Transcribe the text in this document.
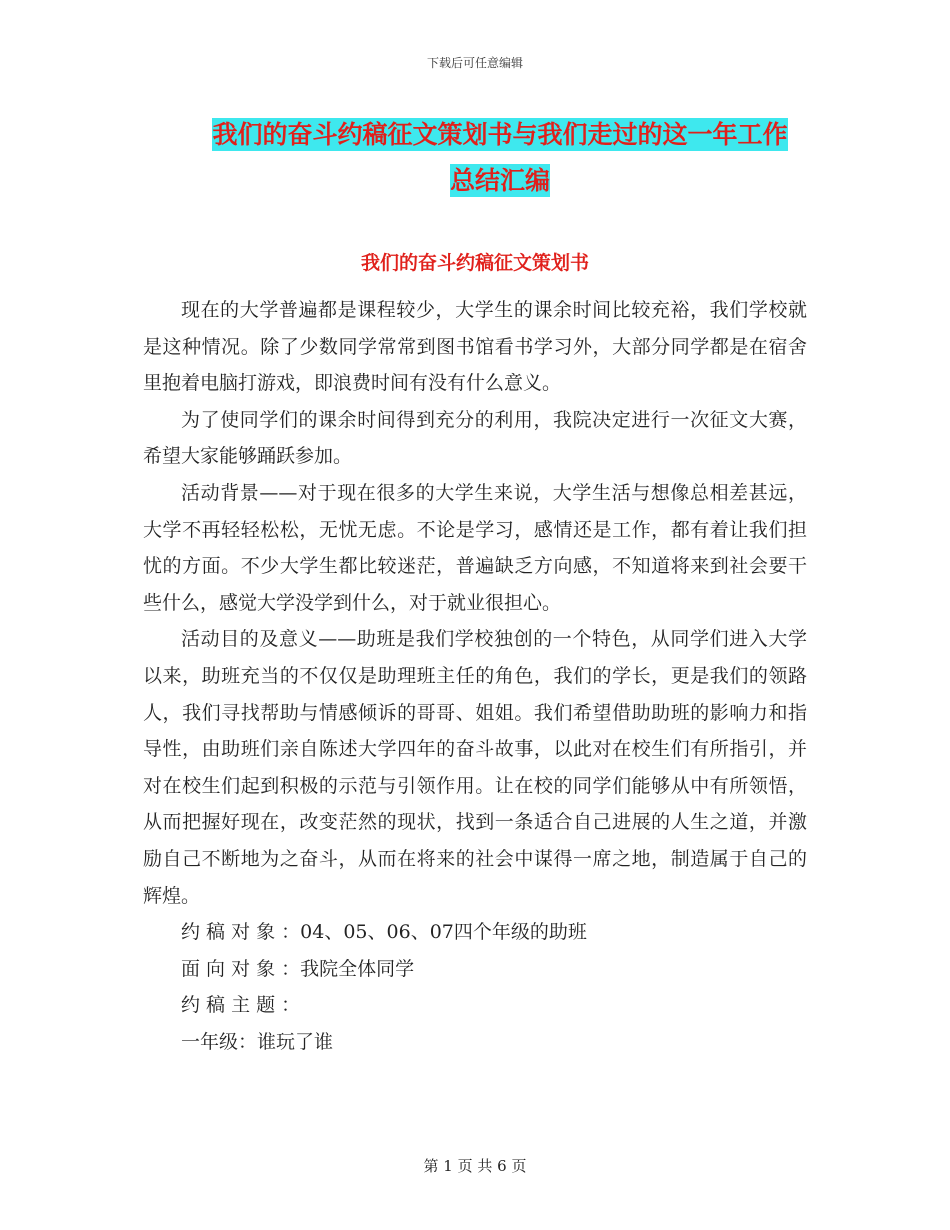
下载后可任意编辑
我们的奋斗约稿征文策划书与我们走过的这一年工作
总结汇编
我们的奋斗约稿征文策划书

现在的大学普遍都是课程较少，大学生的课余时间比较充裕，我们学校就是这种情况。除了少数同学常常到图书馆看书学习外，大部分同学都是在宿舍里抱着电脑打游戏，即浪费时间有没有什么意义。

为了使同学们的课余时间得到充分的利用，我院决定进行一次征文大赛，希望大家能够踊跃参加。

活动背景——对于现在很多的大学生来说，大学生活与想像总相差甚远，大学不再轻轻松松，无忧无虑。不论是学习，感情还是工作，都有着让我们担忧的方面。不少大学生都比较迷茫，普遍缺乏方向感，不知道将来到社会要干些什么，感觉大学没学到什么，对于就业很担心。

活动目的及意义——助班是我们学校独创的一个特色，从同学们进入大学以来，助班充当的不仅仅是助理班主任的角色，我们的学长，更是我们的领路人，我们寻找帮助与情感倾诉的哥哥、姐姐。我们希望借助助班的影响力和指导性，由助班们亲自陈述大学四年的奋斗故事，以此对在校生们有所指引，并对在校生们起到积极的示范与引领作用。让在校的同学们能够从中有所领悟，从而把握好现在，改变茫然的现状，找到一条适合自己进展的人生之道，并激励自己不断地为之奋斗，从而在将来的社会中谋得一席之地，制造属于自己的辉煌。

约 稿 对 象 ：04、05、06、07四个年级的助班

面 向 对 象 ：我院全体同学

约 稿 主 题 ：

一年级：谁玩了谁

第 1 页 共 6 页
